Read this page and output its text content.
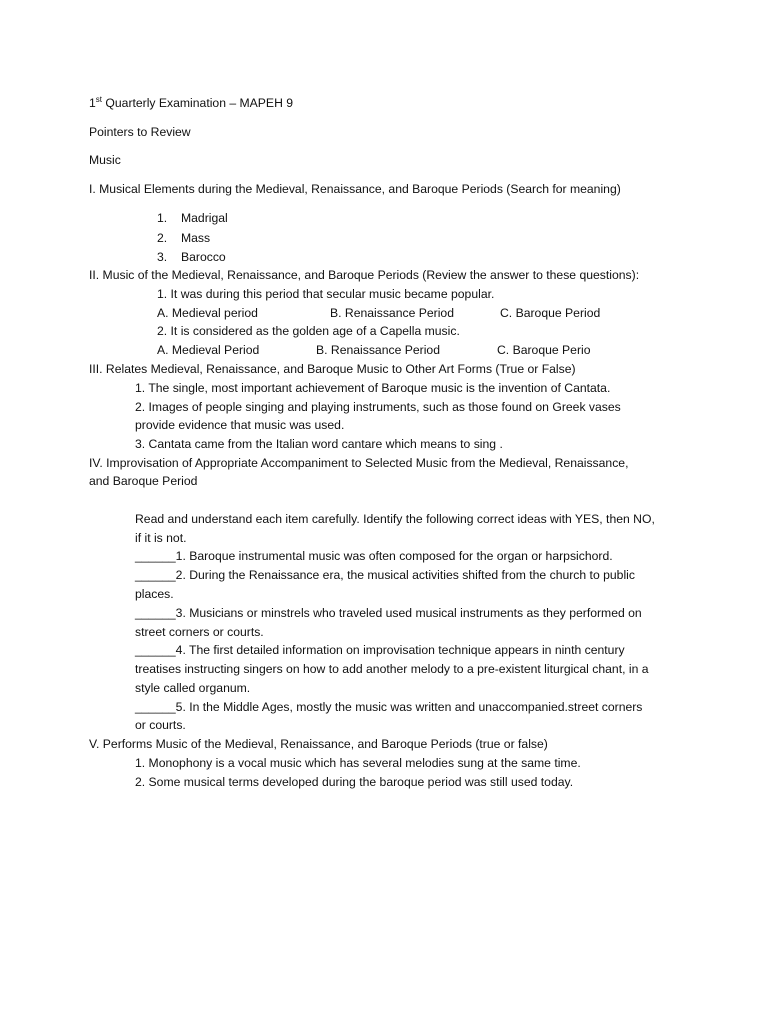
1st Quarterly Examination – MAPEH 9
Pointers to Review
Music
I. Musical Elements during the Medieval, Renaissance, and Baroque Periods (Search for meaning)
1. Madrigal
2. Mass
3. Barocco
II. Music of the Medieval, Renaissance, and Baroque Periods (Review the answer to these questions):
1. It was during this period that secular music became popular.
A. Medieval period	B. Renaissance Period	C. Baroque Period
2. It is considered as the golden age of a Capella music.
A. Medieval Period	B. Renaissance Period	C. Baroque Perio
III. Relates Medieval, Renaissance, and Baroque Music to Other Art Forms (True or False)
1. The single, most important achievement of Baroque music is the invention of Cantata.
2. Images of people singing and playing instruments, such as those found on Greek vases
provide evidence that music was used.
3. Cantata came from the Italian word cantare which means to sing .
IV. Improvisation of Appropriate Accompaniment to Selected Music from the Medieval, Renaissance,
and Baroque Period
Read and understand each item carefully. Identify the following correct ideas with YES, then NO,
if it is not.
______1. Baroque instrumental music was often composed for the organ or harpsichord.
______2. During the Renaissance era, the musical activities shifted from the church to public
places.
______3. Musicians or minstrels who traveled used musical instruments as they performed on
street corners or courts.
______4. The first detailed information on improvisation technique appears in ninth century
treatises instructing singers on how to add another melody to a pre-existent liturgical chant, in a
style called organum.
______5. In the Middle Ages, mostly the music was written and unaccompanied.street corners
or courts.
V. Performs Music of the Medieval, Renaissance, and Baroque Periods (true or false)
1. Monophony is a vocal music which has several melodies sung at the same time.
2. Some musical terms developed during the baroque period was still used today.
